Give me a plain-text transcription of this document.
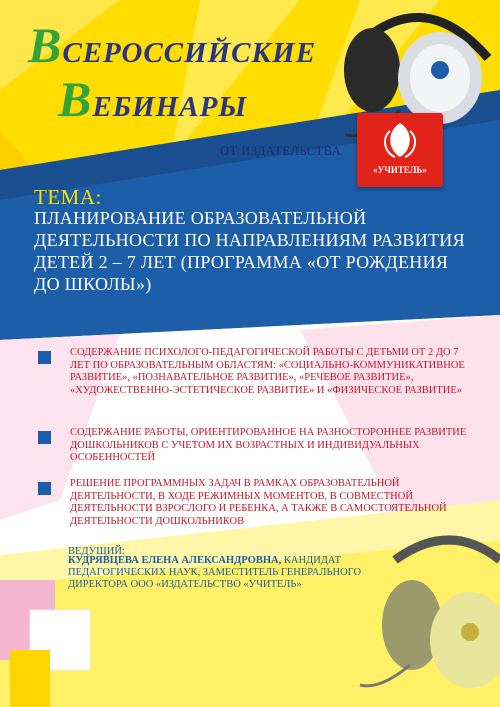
ВСЕРОССИЙСКИЕ
ВЕБИНАРЫ
ОТ ИЗДАТЕЛЬСТВА
«УЧИТЕЛЬ»
ТЕМА:
ПЛАНИРОВАНИЕ ОБРАЗОВАТЕЛЬНОЙ ДЕЯТЕЛЬНОСТИ ПО НАПРАВЛЕНИЯМ РАЗВИТИЯ ДЕТЕЙ 2 – 7 ЛЕТ (ПРОГРАММА «ОТ РОЖДЕНИЯ ДО ШКОЛЫ»)
СОДЕРЖАНИЕ ПСИХОЛОГО-ПЕДАГОГИЧЕСКОЙ РАБОТЫ С ДЕТЬМИ ОТ 2 ДО 7 ЛЕТ ПО ОБРАЗОВАТЕЛЬНЫМ ОБЛАСТЯМ: «СОЦИАЛЬНО-КОММУНИКАТИВНОЕ РАЗВИТИЕ», «ПОЗНАВАТЕЛЬНОЕ РАЗВИТИЕ», «РЕЧЕВОЕ РАЗВИТИЕ», «ХУДОЖЕСТВЕННО-ЭСТЕТИЧЕСКОЕ РАЗВИТИЕ» И «ФИЗИЧЕСКОЕ РАЗВИТИЕ»
СОДЕРЖАНИЕ РАБОТЫ, ОРИЕНТИРОВАННОЕ НА РАЗНОСТОРОННЕЕ РАЗВИТИЕ ДОШКОЛЬНИКОВ С УЧЕТОМ ИХ ВОЗРАСТНЫХ И ИНДИВИДУАЛЬНЫХ ОСОБЕННОСТЕЙ
РЕШЕНИЕ ПРОГРАММНЫХ ЗАДАЧ В РАМКАХ ОБРАЗОВАТЕЛЬНОЙ ДЕЯТЕЛЬНОСТИ, В ХОДЕ РЕЖИМНЫХ МОМЕНТОВ, В СОВМЕСТНОЙ ДЕЯТЕЛЬНОСТИ ВЗРОСЛОГО И РЕБЕНКА, А ТАКЖЕ В САМОСТОЯТЕЛЬНОЙ ДЕЯТЕЛЬНОСТИ ДОШКОЛЬНИКОВ
ВЕДУЩИЙ:
КУДРЯВЦЕВА ЕЛЕНА АЛЕКСАНДРОВНА, КАНДИДАТ ПЕДАГОГИЧЕСКИХ НАУК, ЗАМЕСТИТЕЛЬ ГЕНЕРАЛЬНОГО ДИРЕКТОРА ООО «ИЗДАТЕЛЬСТВО «УЧИТЕЛЬ»
